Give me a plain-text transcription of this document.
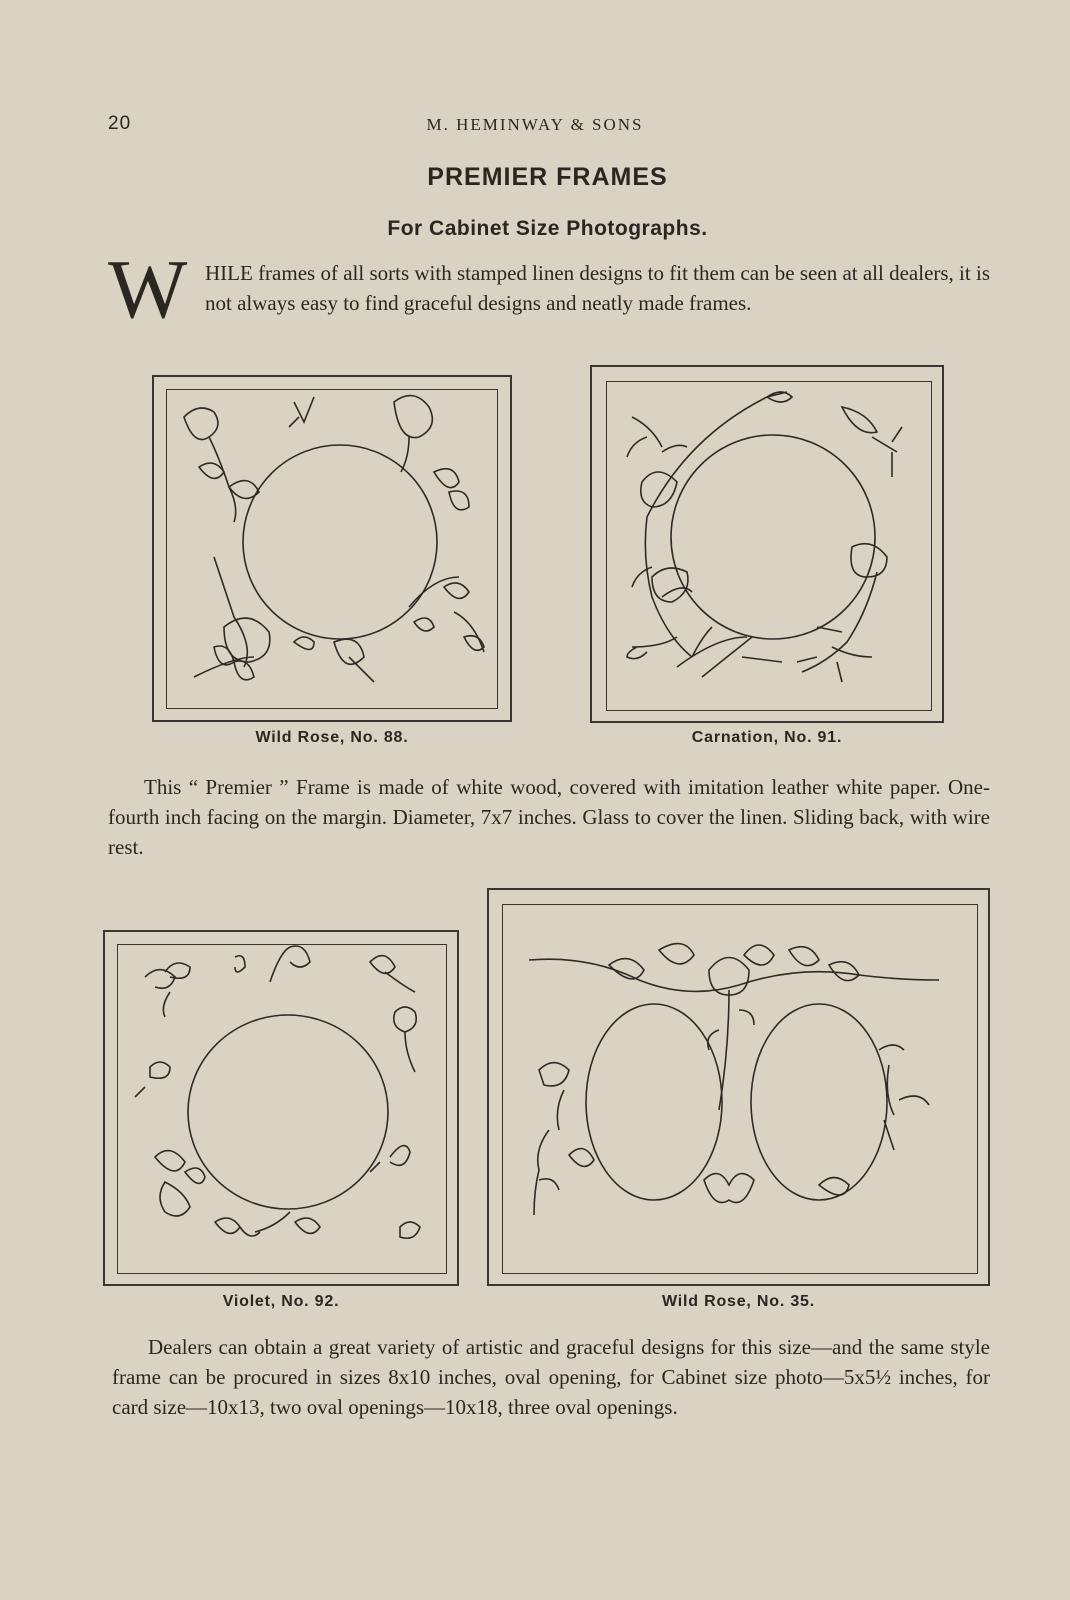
20	M. HEMINWAY & SONS
PREMIER FRAMES
For Cabinet Size Photographs.
W HILE frames of all sorts with stamped linen designs to fit them can be seen at all dealers, it is not always easy to find graceful designs and neatly made frames.
Wild Rose, No. 88.	Carnation, No. 91.
This “ Premier ” Frame is made of white wood, covered with imitation leather white paper. One-fourth inch facing on the margin. Diameter, 7x7 inches. Glass to cover the linen. Sliding back, with wire rest.
Violet, No. 92.	Wild Rose, No. 35.
Dealers can obtain a great variety of artistic and graceful designs for this size—and the same style frame can be procured in sizes 8x10 inches, oval opening, for Cabinet size photo—5x5½ inches, for card size—10x13, two oval openings—10x18, three oval openings.
